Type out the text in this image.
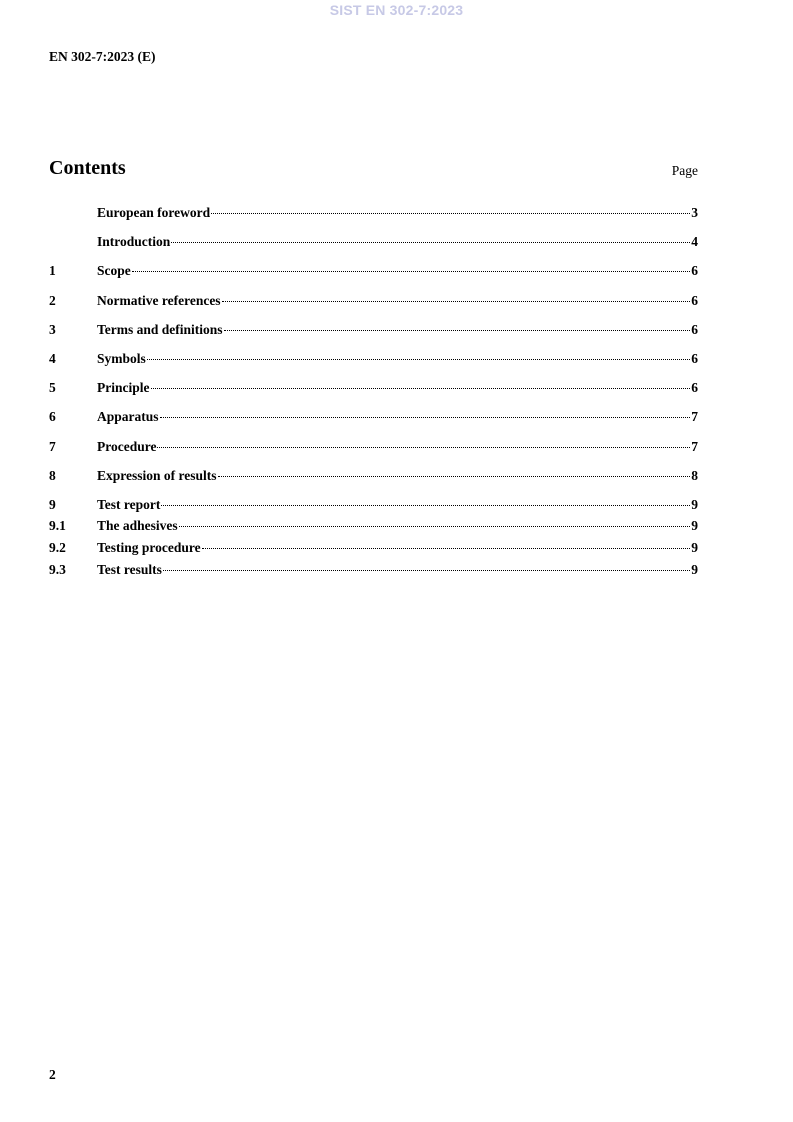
SIST EN 302-7:2023
EN 302-7:2023 (E)
Contents	Page
European foreword	3
Introduction	4
1	Scope	6
2	Normative references	6
3	Terms and definitions	6
4	Symbols	6
5	Principle	6
6	Apparatus	7
7	Procedure	7
8	Expression of results	8
9	Test report	9
9.1	The adhesives	9
9.2	Testing procedure	9
9.3	Test results	9
2
